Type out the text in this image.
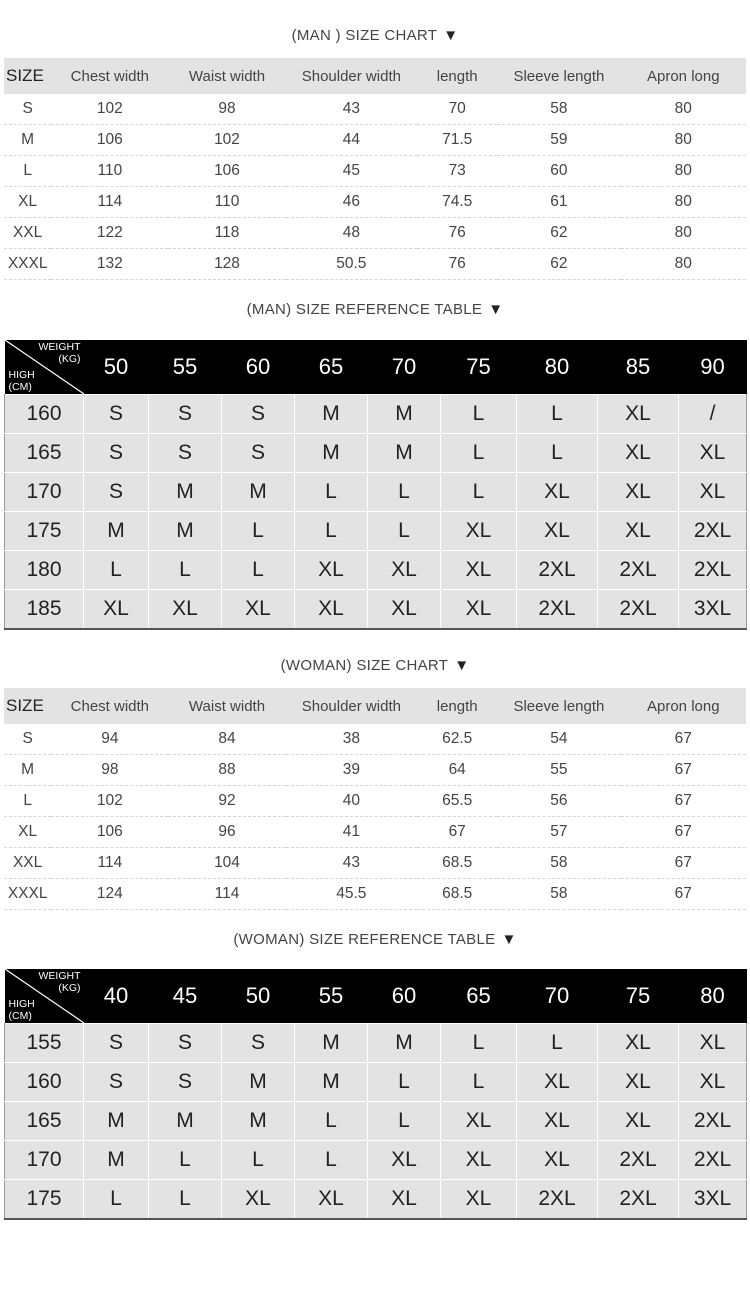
(MAN ) SIZE CHART ▼
SIZE	Chest width	Waist width	Shoulder width	length	Sleeve length	Apron long
S	102	98	43	70	58	80
M	106	102	44	71.5	59	80
L	110	106	45	73	60	80
XL	114	110	46	74.5	61	80
XXL	122	118	48	76	62	80
XXXL	132	128	50.5	76	62	80
(MAN) SIZE REFERENCE TABLE ▼
WEIGHT
(KG)
HIGH
(CM)	50	55	60	65	70	75	80	85	90
160	S	S	S	M	M	L	L	XL	/
165	S	S	S	M	M	L	L	XL	XL
170	S	M	M	L	L	L	XL	XL	XL
175	M	M	L	L	L	XL	XL	XL	2XL
180	L	L	L	XL	XL	XL	2XL	2XL	2XL
185	XL	XL	XL	XL	XL	XL	2XL	2XL	3XL
(WOMAN) SIZE CHART ▼
SIZE	Chest width	Waist width	Shoulder width	length	Sleeve length	Apron long
S	94	84	38	62.5	54	67
M	98	88	39	64	55	67
L	102	92	40	65.5	56	67
XL	106	96	41	67	57	67
XXL	114	104	43	68.5	58	67
XXXL	124	114	45.5	68.5	58	67
(WOMAN) SIZE REFERENCE TABLE ▼
WEIGHT
(KG)
HIGH
(CM)	40	45	50	55	60	65	70	75	80
155	S	S	S	M	M	L	L	XL	XL
160	S	S	M	M	L	L	XL	XL	XL
165	M	M	M	L	L	XL	XL	XL	2XL
170	M	L	L	L	XL	XL	XL	2XL	2XL
175	L	L	XL	XL	XL	XL	2XL	2XL	3XL
